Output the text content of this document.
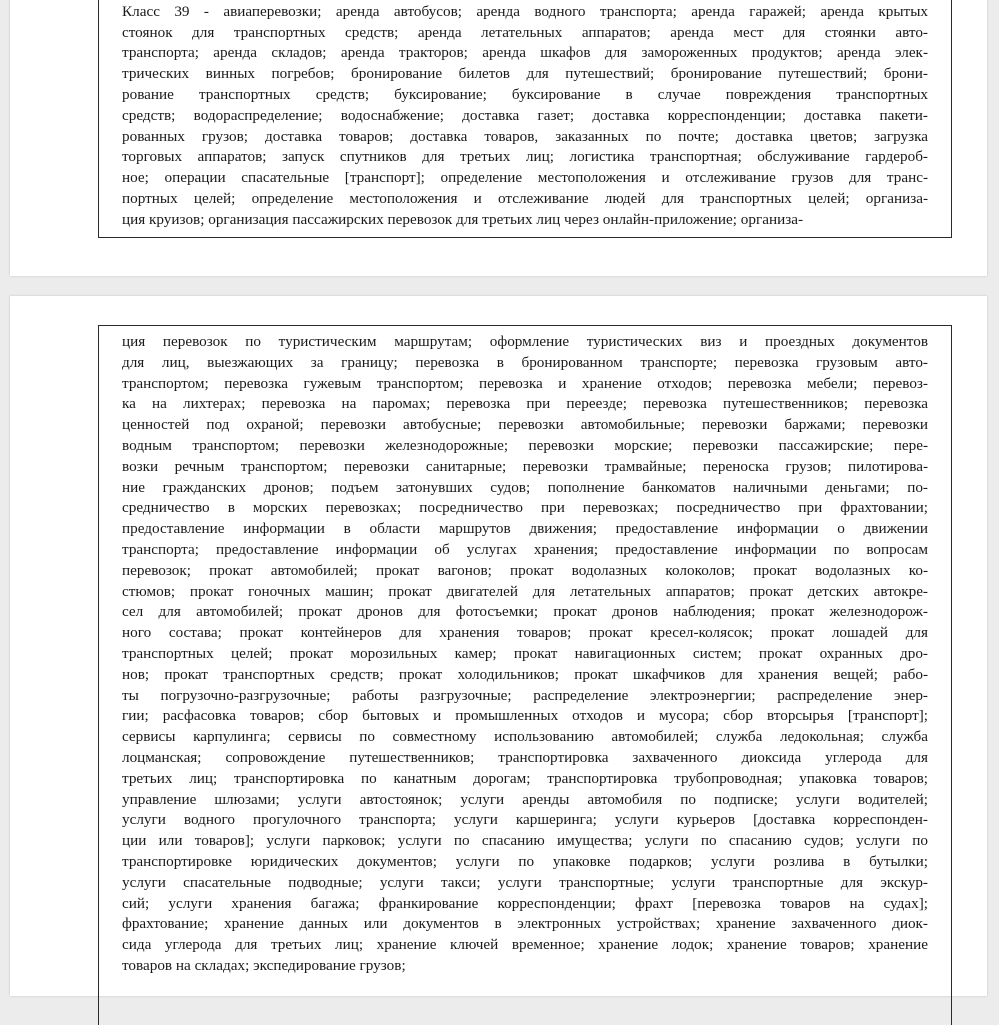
Класс 39 - авиаперевозки; аренда автобусов; аренда водного транспорта; аренда гаражей; аренда крытых
стоянок для транспортных средств; аренда летательных аппаратов; аренда мест для стоянки авто-
транспорта; аренда складов; аренда тракторов; аренда шкафов для замороженных продуктов; аренда элек-
трических винных погребов; бронирование билетов для путешествий; бронирование путешествий; брони-
рование транспортных средств; буксирование; буксирование в случае повреждения транспортных
средств; водораспределение; водоснабжение; доставка газет; доставка корреспонденции; доставка пакети-
рованных грузов; доставка товаров; доставка товаров, заказанных по почте; доставка цветов; загрузка
торговых аппаратов; запуск спутников для третьих лиц; логистика транспортная; обслуживание гардероб-
ное; операции спасательные [транспорт]; определение местоположения и отслеживание грузов для транс-
портных целей; определение местоположения и отслеживание людей для транспортных целей; организа-
ция круизов; организация пассажирских перевозок для третьих лиц через онлайн-приложение; организа-
ция перевозок по туристическим маршрутам; оформление туристических виз и проездных документов
для лиц, выезжающих за границу; перевозка в бронированном транспорте; перевозка грузовым авто-
транспортом; перевозка гужевым транспортом; перевозка и хранение отходов; перевозка мебели; перевоз-
ка на лихтерах; перевозка на паромах; перевозка при переезде; перевозка путешественников; перевозка
ценностей под охраной; перевозки автобусные; перевозки автомобильные; перевозки баржами; перевозки
водным транспортом; перевозки железнодорожные; перевозки морские; перевозки пассажирские; пере-
возки речным транспортом; перевозки санитарные; перевозки трамвайные; переноска грузов; пилотирова-
ние гражданских дронов; подъем затонувших судов; пополнение банкоматов наличными деньгами; по-
средничество в морских перевозках; посредничество при перевозках; посредничество при фрахтовании;
предоставление информации в области маршрутов движения; предоставление информации о движении
транспорта; предоставление информации об услугах хранения; предоставление информации по вопросам
перевозок; прокат автомобилей; прокат вагонов; прокат водолазных колоколов; прокат водолазных ко-
стюмов; прокат гоночных машин; прокат двигателей для летательных аппаратов; прокат детских автокре-
сел для автомобилей; прокат дронов для фотосъемки; прокат дронов наблюдения; прокат железнодорож-
ного состава; прокат контейнеров для хранения товаров; прокат кресел-колясок; прокат лошадей для
транспортных целей; прокат морозильных камер; прокат навигационных систем; прокат охранных дро-
нов; прокат транспортных средств; прокат холодильников; прокат шкафчиков для хранения вещей; рабо-
ты погрузочно-разгрузочные; работы разгрузочные; распределение электроэнергии; распределение энер-
гии; расфасовка товаров; сбор бытовых и промышленных отходов и мусора; сбор вторсырья [транспорт];
сервисы карпулинга; сервисы по совместному использованию автомобилей; служба ледокольная; служба
лоцманская; сопровождение путешественников; транспортировка захваченного диоксида углерода для
третьих лиц; транспортировка по канатным дорогам; транспортировка трубопроводная; упаковка товаров;
управление шлюзами; услуги автостоянок; услуги аренды автомобиля по подписке; услуги водителей;
услуги водного прогулочного транспорта; услуги каршеринга; услуги курьеров [доставка корреспонден-
ции или товаров]; услуги парковок; услуги по спасанию имущества; услуги по спасанию судов; услуги по
транспортировке юридических документов; услуги по упаковке подарков; услуги розлива в бутылки;
услуги спасательные подводные; услуги такси; услуги транспортные; услуги транспортные для экскур-
сий; услуги хранения багажа; франкирование корреспонденции; фрахт [перевозка товаров на судах];
фрахтование; хранение данных или документов в электронных устройствах; хранение захваченного диок-
сида углерода для третьих лиц; хранение ключей временное; хранение лодок; хранение товаров; хранение
товаров на складах; экспедирование грузов;
